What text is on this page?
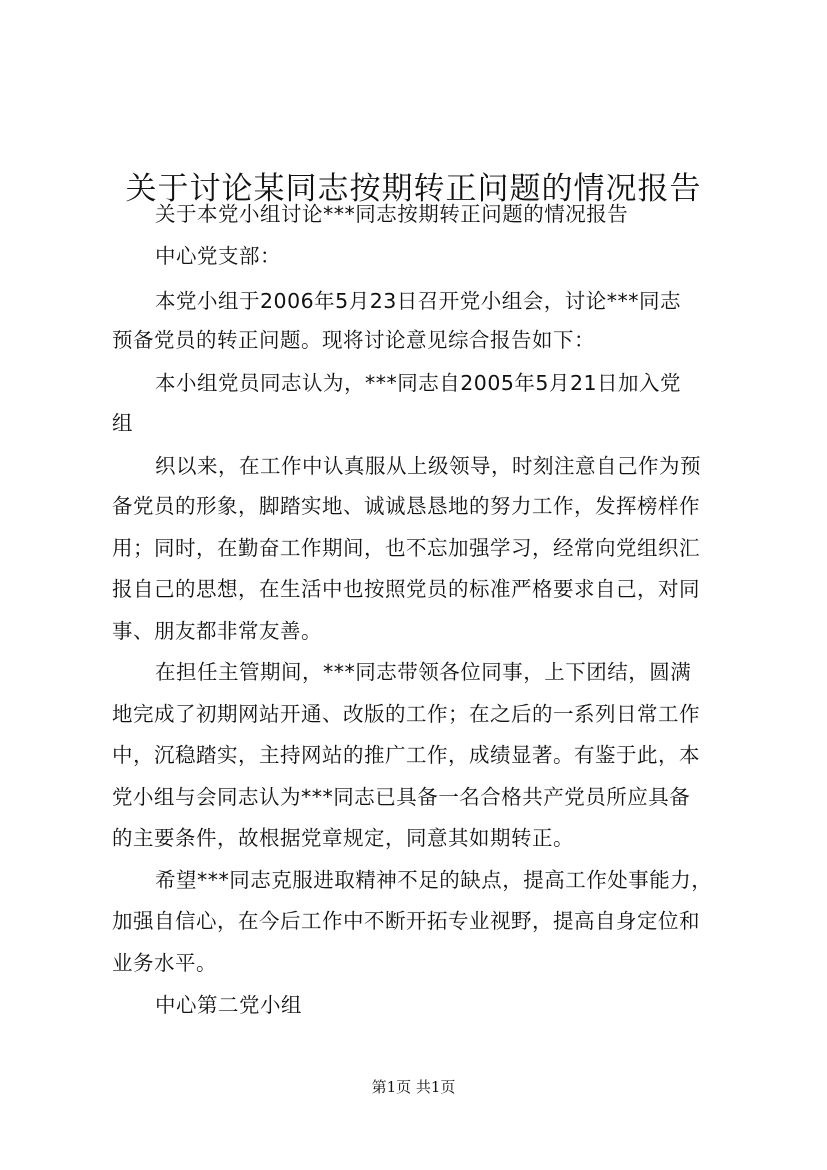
关于讨论某同志按期转正问题的情况报告
关于本党小组讨论***同志按期转正问题的情况报告
中心党支部：
本党小组于2006年5月23日召开党小组会，讨论***同志
预备党员的转正问题。现将讨论意见综合报告如下：
本小组党员同志认为，***同志自2005年5月21日加入党
组
织以来，在工作中认真服从上级领导，时刻注意自己作为预
备党员的形象，脚踏实地、诚诚恳恳地的努力工作，发挥榜样作
用；同时，在勤奋工作期间，也不忘加强学习，经常向党组织汇
报自己的思想，在生活中也按照党员的标准严格要求自己，对同
事、朋友都非常友善。
在担任主管期间，***同志带领各位同事，上下团结，圆满
地完成了初期网站开通、改版的工作；在之后的一系列日常工作
中，沉稳踏实，主持网站的推广工作，成绩显著。有鉴于此，本
党小组与会同志认为***同志已具备一名合格共产党员所应具备
的主要条件，故根据党章规定，同意其如期转正。
希望***同志克服进取精神不足的缺点，提高工作处事能力，
加强自信心，在今后工作中不断开拓专业视野，提高自身定位和
业务水平。
中心第二党小组
第1页 共1页
